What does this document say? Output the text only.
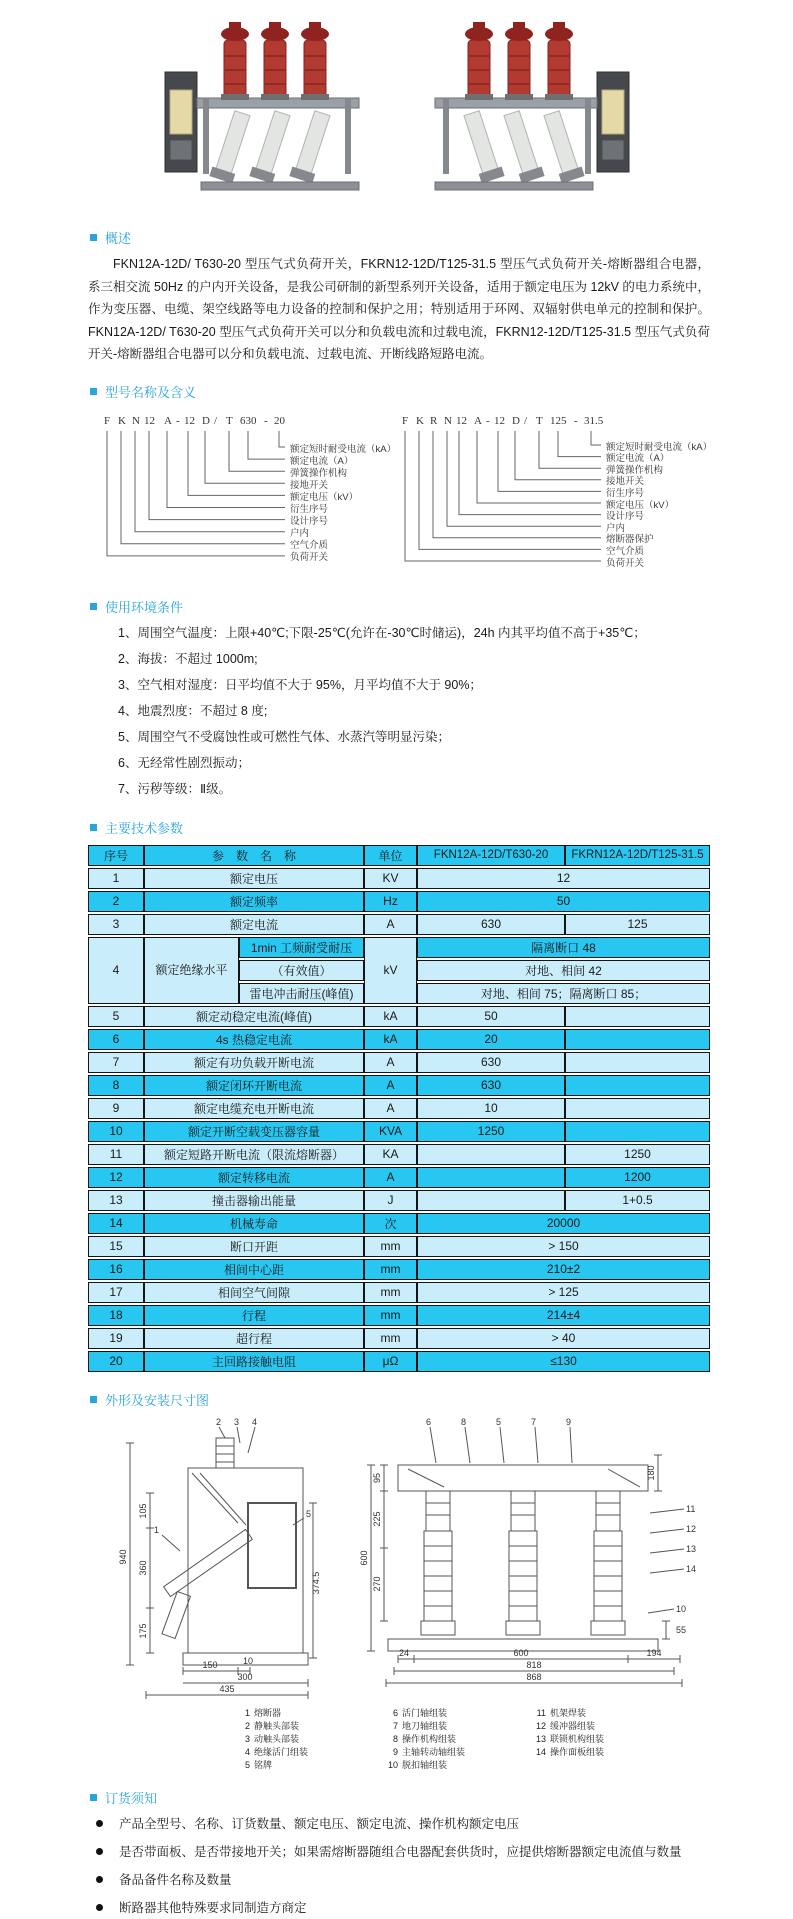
概述

FKN12A-12D/ T630-20 型压气式负荷开关，FKRN12-12D/T125-31.5 型压气式负荷开关-熔断器组合电器，系三相交流 50Hz 的户内开关设备，是我公司研制的新型系列开关设备，适用于额定电压为 12kV 的电力系统中，作为变压器、电缆、架空线路等电力设备的控制和保护之用；特别适用于环网、双辐射供电单元的控制和保护。FKN12A-12D/ T630-20 型压气式负荷开关可以分和负载电流和过载电流，FKRN12-12D/T125-31.5 型压气式负荷开关-熔断器组合电器可以分和负载电流、过载电流、开断线路短路电流。

型号名称及含义
F K N 12 A - 12 D / T 630 - 20
额定短时耐受电流（kA）
额定电流（A）
弹簧操作机构
接地开关
额定电压（kV）
衍生序号
设计序号
户内
空气介质
负荷开关
F K R N 12 A - 12 D / T 125 - 31.5
额定短时耐受电流（kA）
额定电流（A）
弹簧操作机构
接地开关
衍生序号
额定电压（kV）
设计序号
户内
熔断器保护
空气介质
负荷开关
使用环境条件
1、周围空气温度：上限+40℃;下限-25℃(允许在-30℃时储运)，24h 内其平均值不高于+35℃；
2、海拔：不超过 1000m;
3、空气相对湿度：日平均值不大于 95%，月平均值不大于 90%；
4、地震烈度：不超过 8 度;
5、周围空气不受腐蚀性或可燃性气体、水蒸汽等明显污染；
6、无经常性剧烈振动；
7、污秽等级：Ⅱ级。
主要技术参数
序号	参　数　名　称		单位	FKN12A-12D/T630-20	FKRN12A-12D/T125-31.5
1	额定电压		KV	12	
2	额定频率		Hz	50	
3	额定电流		A	630	125
4	额定绝缘水平	1min 工频耐受耐压	kV	隔离断口 48	
		（有效值）		对地、相间 42	
		雷电冲击耐压(峰值)		对地、相间 75；隔离断口 85；	
5	额定动稳定电流(峰值)		kA	50	
6	4s 热稳定电流		kA	20	
7	额定有功负载开断电流		A	630	
8	额定闭环开断电流		A	630	
9	额定电缆充电开断电流		A	10	
10	额定开断空载变压器容量		KVA	1250	
11	额定短路开断电流（限流熔断器）		KA		1250
12	额定转移电流		A		1200
13	撞击器输出能量		J		1+0.5
14	机械寿命		次	20000	
15	断口开距		mm	> 150	
16	相间中心距		mm	210±2	
17	相间空气间隙		mm	> 125	
18	行程		mm	214±4	
19	超行程		mm	> 40	
20	主回路接触电阻		μΩ	≤130	
外形及安装尺寸图
940
374.5
105
360
175
150	10
300
435
95
225
270
600
180
24	600	194
818
868
55
2 3 4
1
5
6	8	5	7	9
11
12
13
14
10
1 熔断器
2 静触头部装
3 动触头部装
4 绝缘活门组装
5 铭牌
6 活门轴组装
7 地刀轴组装
8 操作机构组装
9 主轴转动轴组装
10 脱扣轴组装
11 机架焊装
12 缓冲器组装
13 联锁机构组装
14 操作面板组装
订货须知
产品全型号、名称、订货数量、额定电压、额定电流、操作机构额定电压
是否带面板、是否带接地开关；如果需熔断器随组合电器配套供货时，应提供熔断器额定电流值与数量
备品备件名称及数量
断路器其他特殊要求同制造方商定
